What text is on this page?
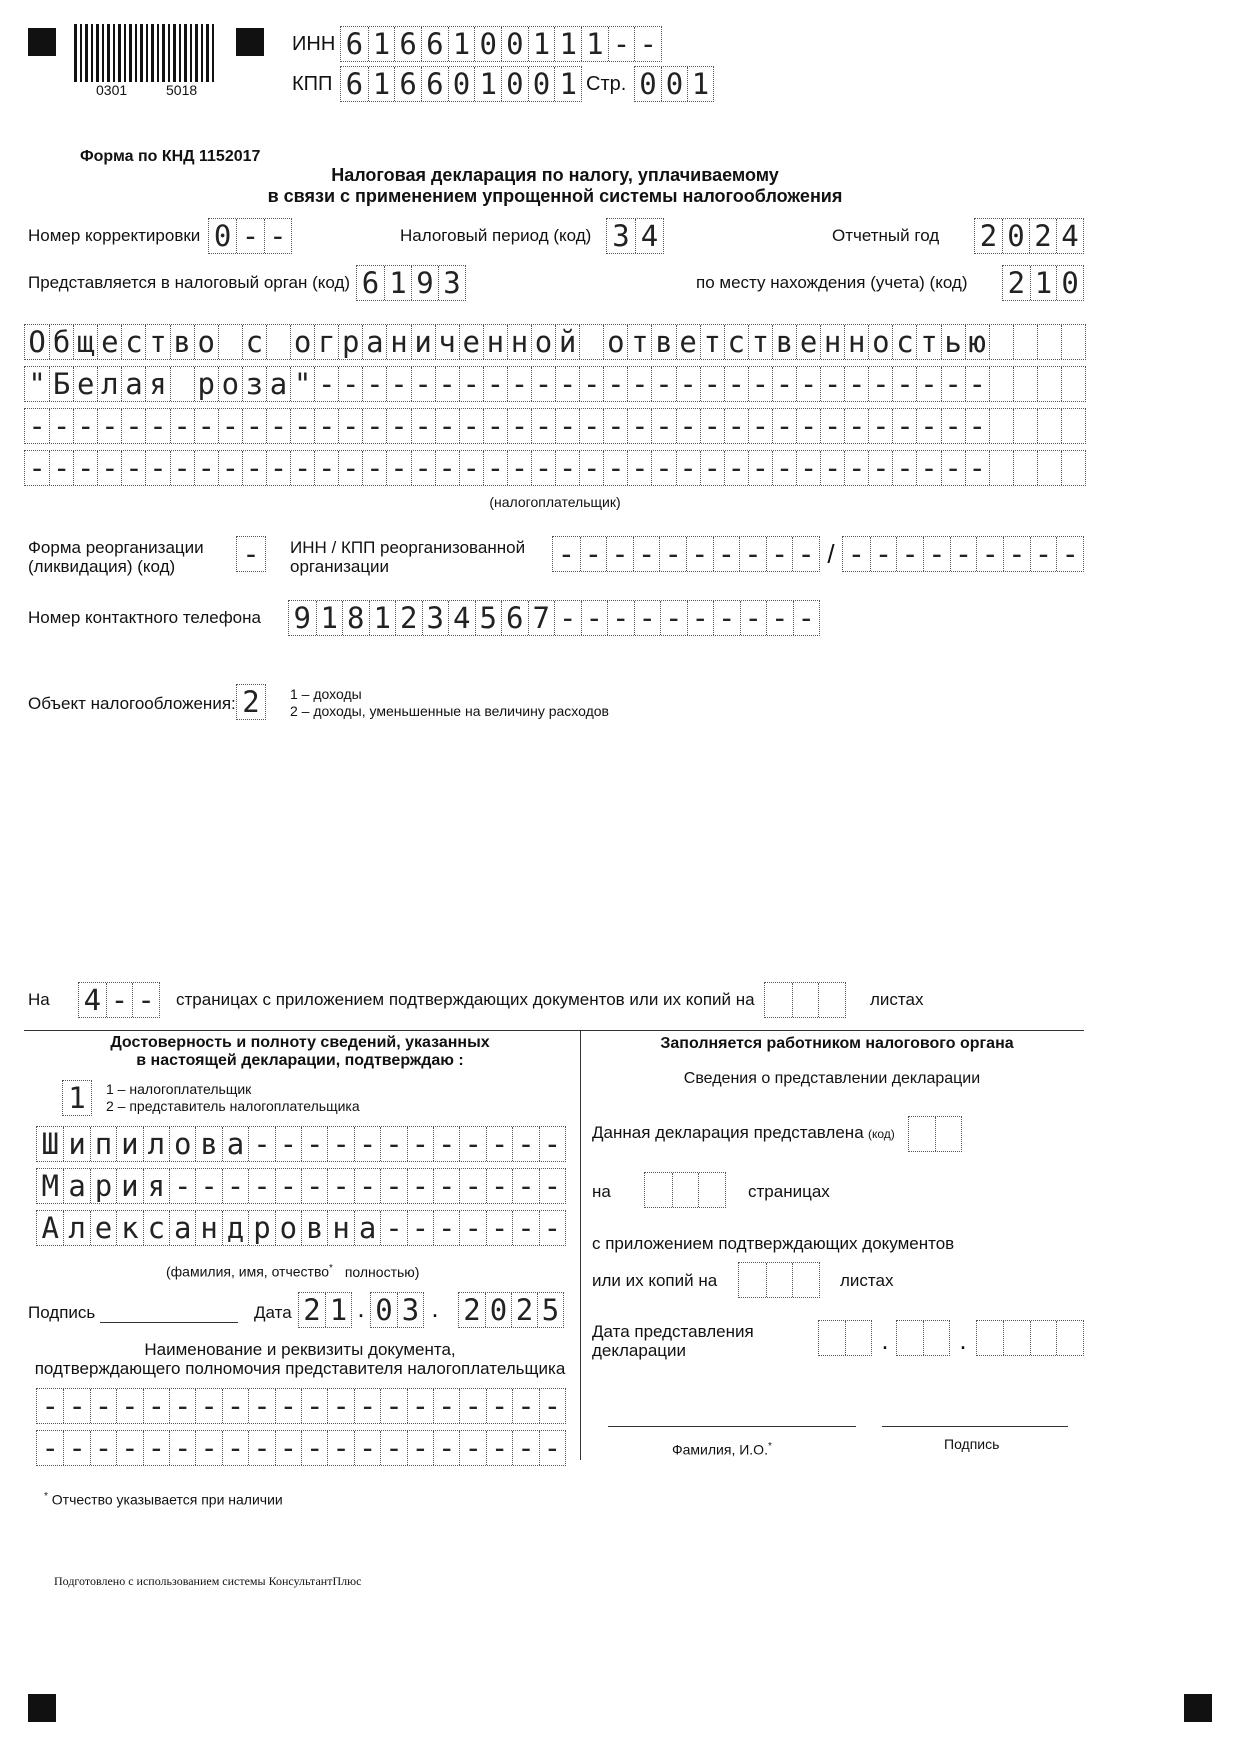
0301	5018
ИНН 6 1 6 6 1 0 0 1 1 1 - -
КПП 6 1 6 6 0 1 0 0 1 Стр. 0 0 1
Форма по КНД 1152017
Налоговая декларация по налогу, уплачиваемому
в связи с применением упрощенной системы налогообложения
Номер корректировки 0 - -	Налоговый период (код) 3 4	Отчетный год 2 0 2 4
Представляется в налоговый орган (код) 6 1 9 3	по месту нахождения (учета) (код) 2 1 0
О б щ е с т в о с о г р а н и ч е н н о й о т в е т с т в е н н о с т ь ю
" Б е л а я р о з а " - - - - - - - - - - - - - - - - - - - - - - - - - - - -
- - - - - - - - - - - - - - - - - - - - - - - - - - - - - - - - - - - - - - - -
- - - - - - - - - - - - - - - - - - - - - - - - - - - - - - - - - - - - - - - -
(налогоплательщик)
Форма реорганизации
(ликвидация) (код) -	ИНН / КПП реорганизованной
организации	- - - - - - - - - - / - - - - - - - - -
Номер контактного телефона 9 1 8 1 2 3 4 5 6 7 - - - - - - - - - -
Объект налогообложения: 2	1 – доходы
2 – доходы, уменьшенные на величину расходов
На 4 - - страницах с приложением подтверждающих документов или их копий на	листах
Достоверность и полноту сведений, указанных
в настоящей декларации, подтверждаю :
1	1 – налогоплательщик
2 – представитель налогоплательщика
Ш и п и л о в а - - - - - - - - - - - -
М а р и я - - - - - - - - - - - - - - -
А л е к с а н д р о в н а - - - - - - -
(фамилия, имя, отчество* полностью)
Подпись	Дата 2 1 . 0 3 . 2 0 2 5
Наименование и реквизиты документа,
подтверждающего полномочия представителя налогоплательщика
- - - - - - - - - - - - - - - - - - - -
- - - - - - - - - - - - - - - - - - - -
Заполняется работником налогового органа
Сведения о представлении декларации
Данная декларация представлена (код)
на	страницах
с приложением подтверждающих документов
или их копий на	листах
Дата представления
декларации	.	.
Фамилия, И.О.*	Подпись
* Отчество указывается при наличии
Подготовлено с использованием системы КонсультантПлюс
